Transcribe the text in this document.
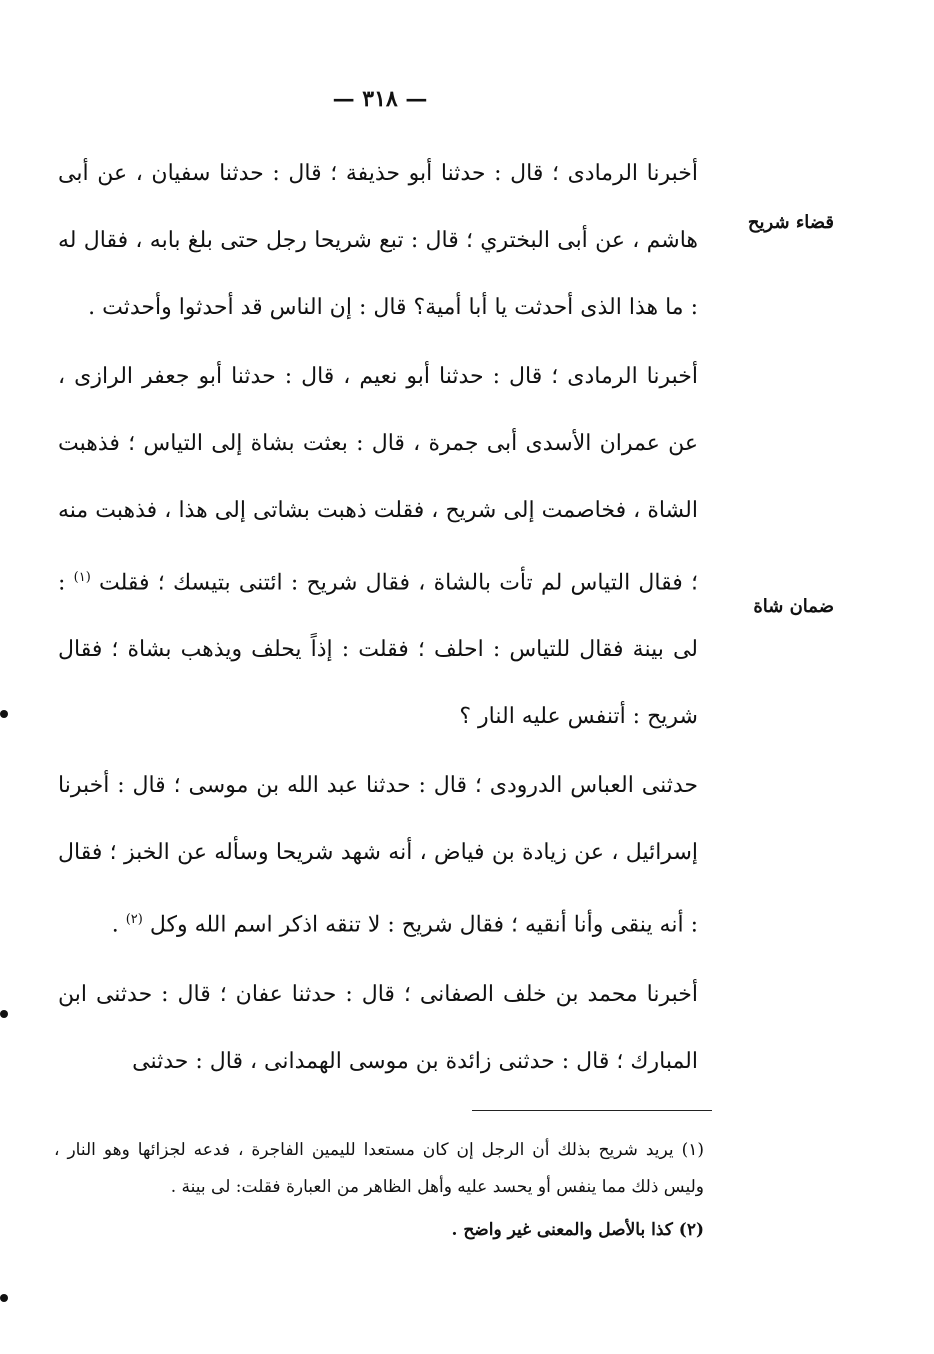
— ٣١٨ —
قضاء شريح
ضمان شاة

أخبرنا الرمادى ؛ قال : حدثنا أبو حذيفة ؛ قال : حدثنا سفيان ، عن أبى هاشم ، عن أبى البختري ؛ قال : تبع شريحا رجل حتى بلغ بابه ، فقال له : ما هذا الذى أحدثت يا أبا أمية؟ قال : إن الناس قد أحدثوا وأحدثت .

أخبرنا الرمادى ؛ قال : حدثنا أبو نعيم ، قال : حدثنا أبو جعفر الرازى ، عن عمران الأسدى أبى جمرة ، قال : بعثت بشاة إلى التياس ؛ فذهبت الشاة ، فخاصمت إلى شريح ، فقلت ذهبت بشاتى إلى هذا ، فذهبت منه ؛ فقال التياس لم تأت بالشاة ، فقال شريح : ائتنى بتيسك ؛ فقلت $^{(١)}$ : لى بينة فقال للتياس : احلف ؛ فقلت : إذاً يحلف ويذهب بشاة ؛ فقال شريح : أتنفس عليه النار ؟

حدثنى العباس الدرودى ؛ قال : حدثنا عبد الله بن موسى ؛ قال : أخبرنا إسرائيل ، عن زيادة بن فياض ، أنه شهد شريحا وسأله عن الخبز ؛ فقال : أنه ينقى وأنا أنقيه ؛ فقال شريح : لا تنقه اذكر اسم الله وكل $^{(٢)}$ .

أخبرنا محمد بن خلف الصفانى ؛ قال : حدثنا عفان ؛ قال : حدثنى ابن المبارك ؛ قال : حدثنى زائدة بن موسى الهمدانى ، قال : حدثنى

(١) يريد شريح بذلك أن الرجل إن كان مستعدا لليمين الفاجرة ، فدعه لجزائها وهو النار ، وليس ذلك مما ينفس أو يحسد عليه وأهل الظاهر من العبارة فقلت: لى بينة .

(٢) كذا بالأصل والمعنى غير واضح .
